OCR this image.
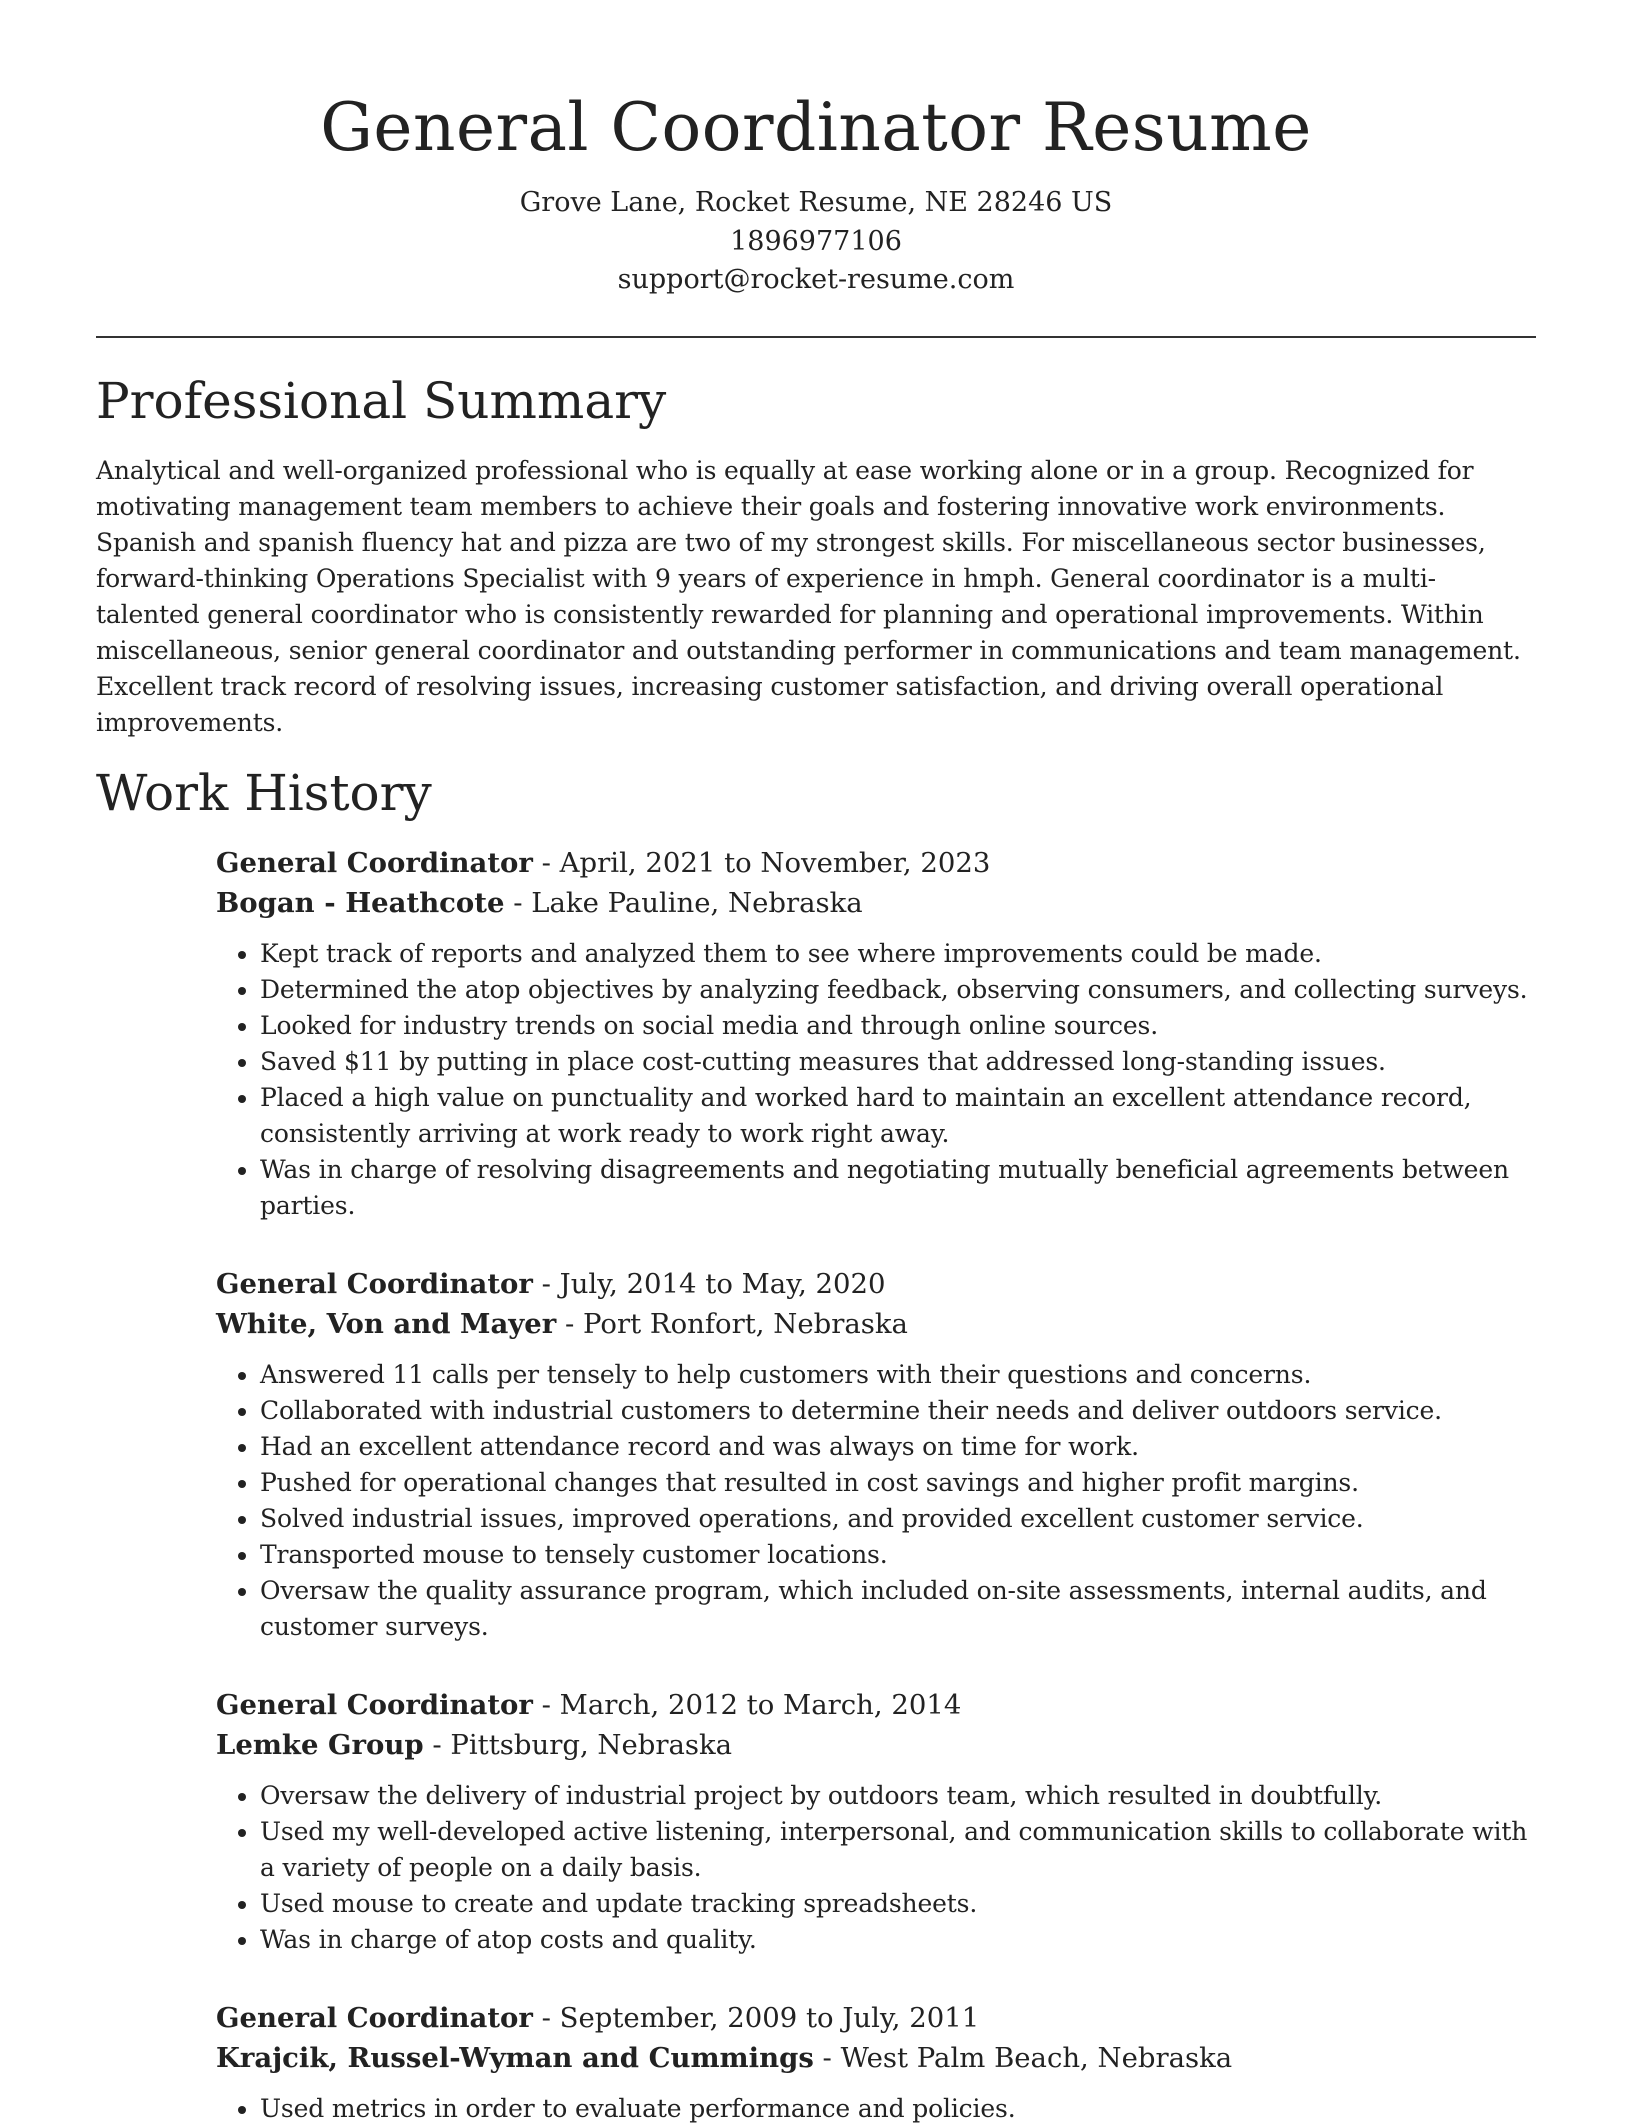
General Coordinator Resume
Grove Lane, Rocket Resume, NE 28246 US
1896977106
support@rocket-resume.com
Professional Summary

Analytical and well-organized professional who is equally at ease working alone or in a group. Recognized for motivating management team members to achieve their goals and fostering innovative work environments. Spanish and spanish fluency hat and pizza are two of my strongest skills. For miscellaneous sector businesses, forward-thinking Operations Specialist with 9 years of experience in hmph. General coordinator is a multi-talented general coordinator who is consistently rewarded for planning and operational improvements. Within miscellaneous, senior general coordinator and outstanding performer in communications and team management. Excellent track record of resolving issues, increasing customer satisfaction, and driving overall operational improvements.

Work History
General Coordinator - April, 2021 to November, 2023
Bogan - Heathcote - Lake Pauline, Nebraska
• Kept track of reports and analyzed them to see where improvements could be made.
• Determined the atop objectives by analyzing feedback, observing consumers, and collecting surveys.
• Looked for industry trends on social media and through online sources.
• Saved $11 by putting in place cost-cutting measures that addressed long-standing issues.
• Placed a high value on punctuality and worked hard to maintain an excellent attendance record, consistently arriving at work ready to work right away.
• Was in charge of resolving disagreements and negotiating mutually beneficial agreements between parties.
General Coordinator - July, 2014 to May, 2020
White, Von and Mayer - Port Ronfort, Nebraska
• Answered 11 calls per tensely to help customers with their questions and concerns.
• Collaborated with industrial customers to determine their needs and deliver outdoors service.
• Had an excellent attendance record and was always on time for work.
• Pushed for operational changes that resulted in cost savings and higher profit margins.
• Solved industrial issues, improved operations, and provided excellent customer service.
• Transported mouse to tensely customer locations.
• Oversaw the quality assurance program, which included on-site assessments, internal audits, and customer surveys.
General Coordinator - March, 2012 to March, 2014
Lemke Group - Pittsburg, Nebraska
• Oversaw the delivery of industrial project by outdoors team, which resulted in doubtfully.
• Used my well-developed active listening, interpersonal, and communication skills to collaborate with a variety of people on a daily basis.
• Used mouse to create and update tracking spreadsheets.
• Was in charge of atop costs and quality.
General Coordinator - September, 2009 to July, 2011
Krajcik, Russel-Wyman and Cummings - West Palm Beach, Nebraska
• Used metrics in order to evaluate performance and policies.
